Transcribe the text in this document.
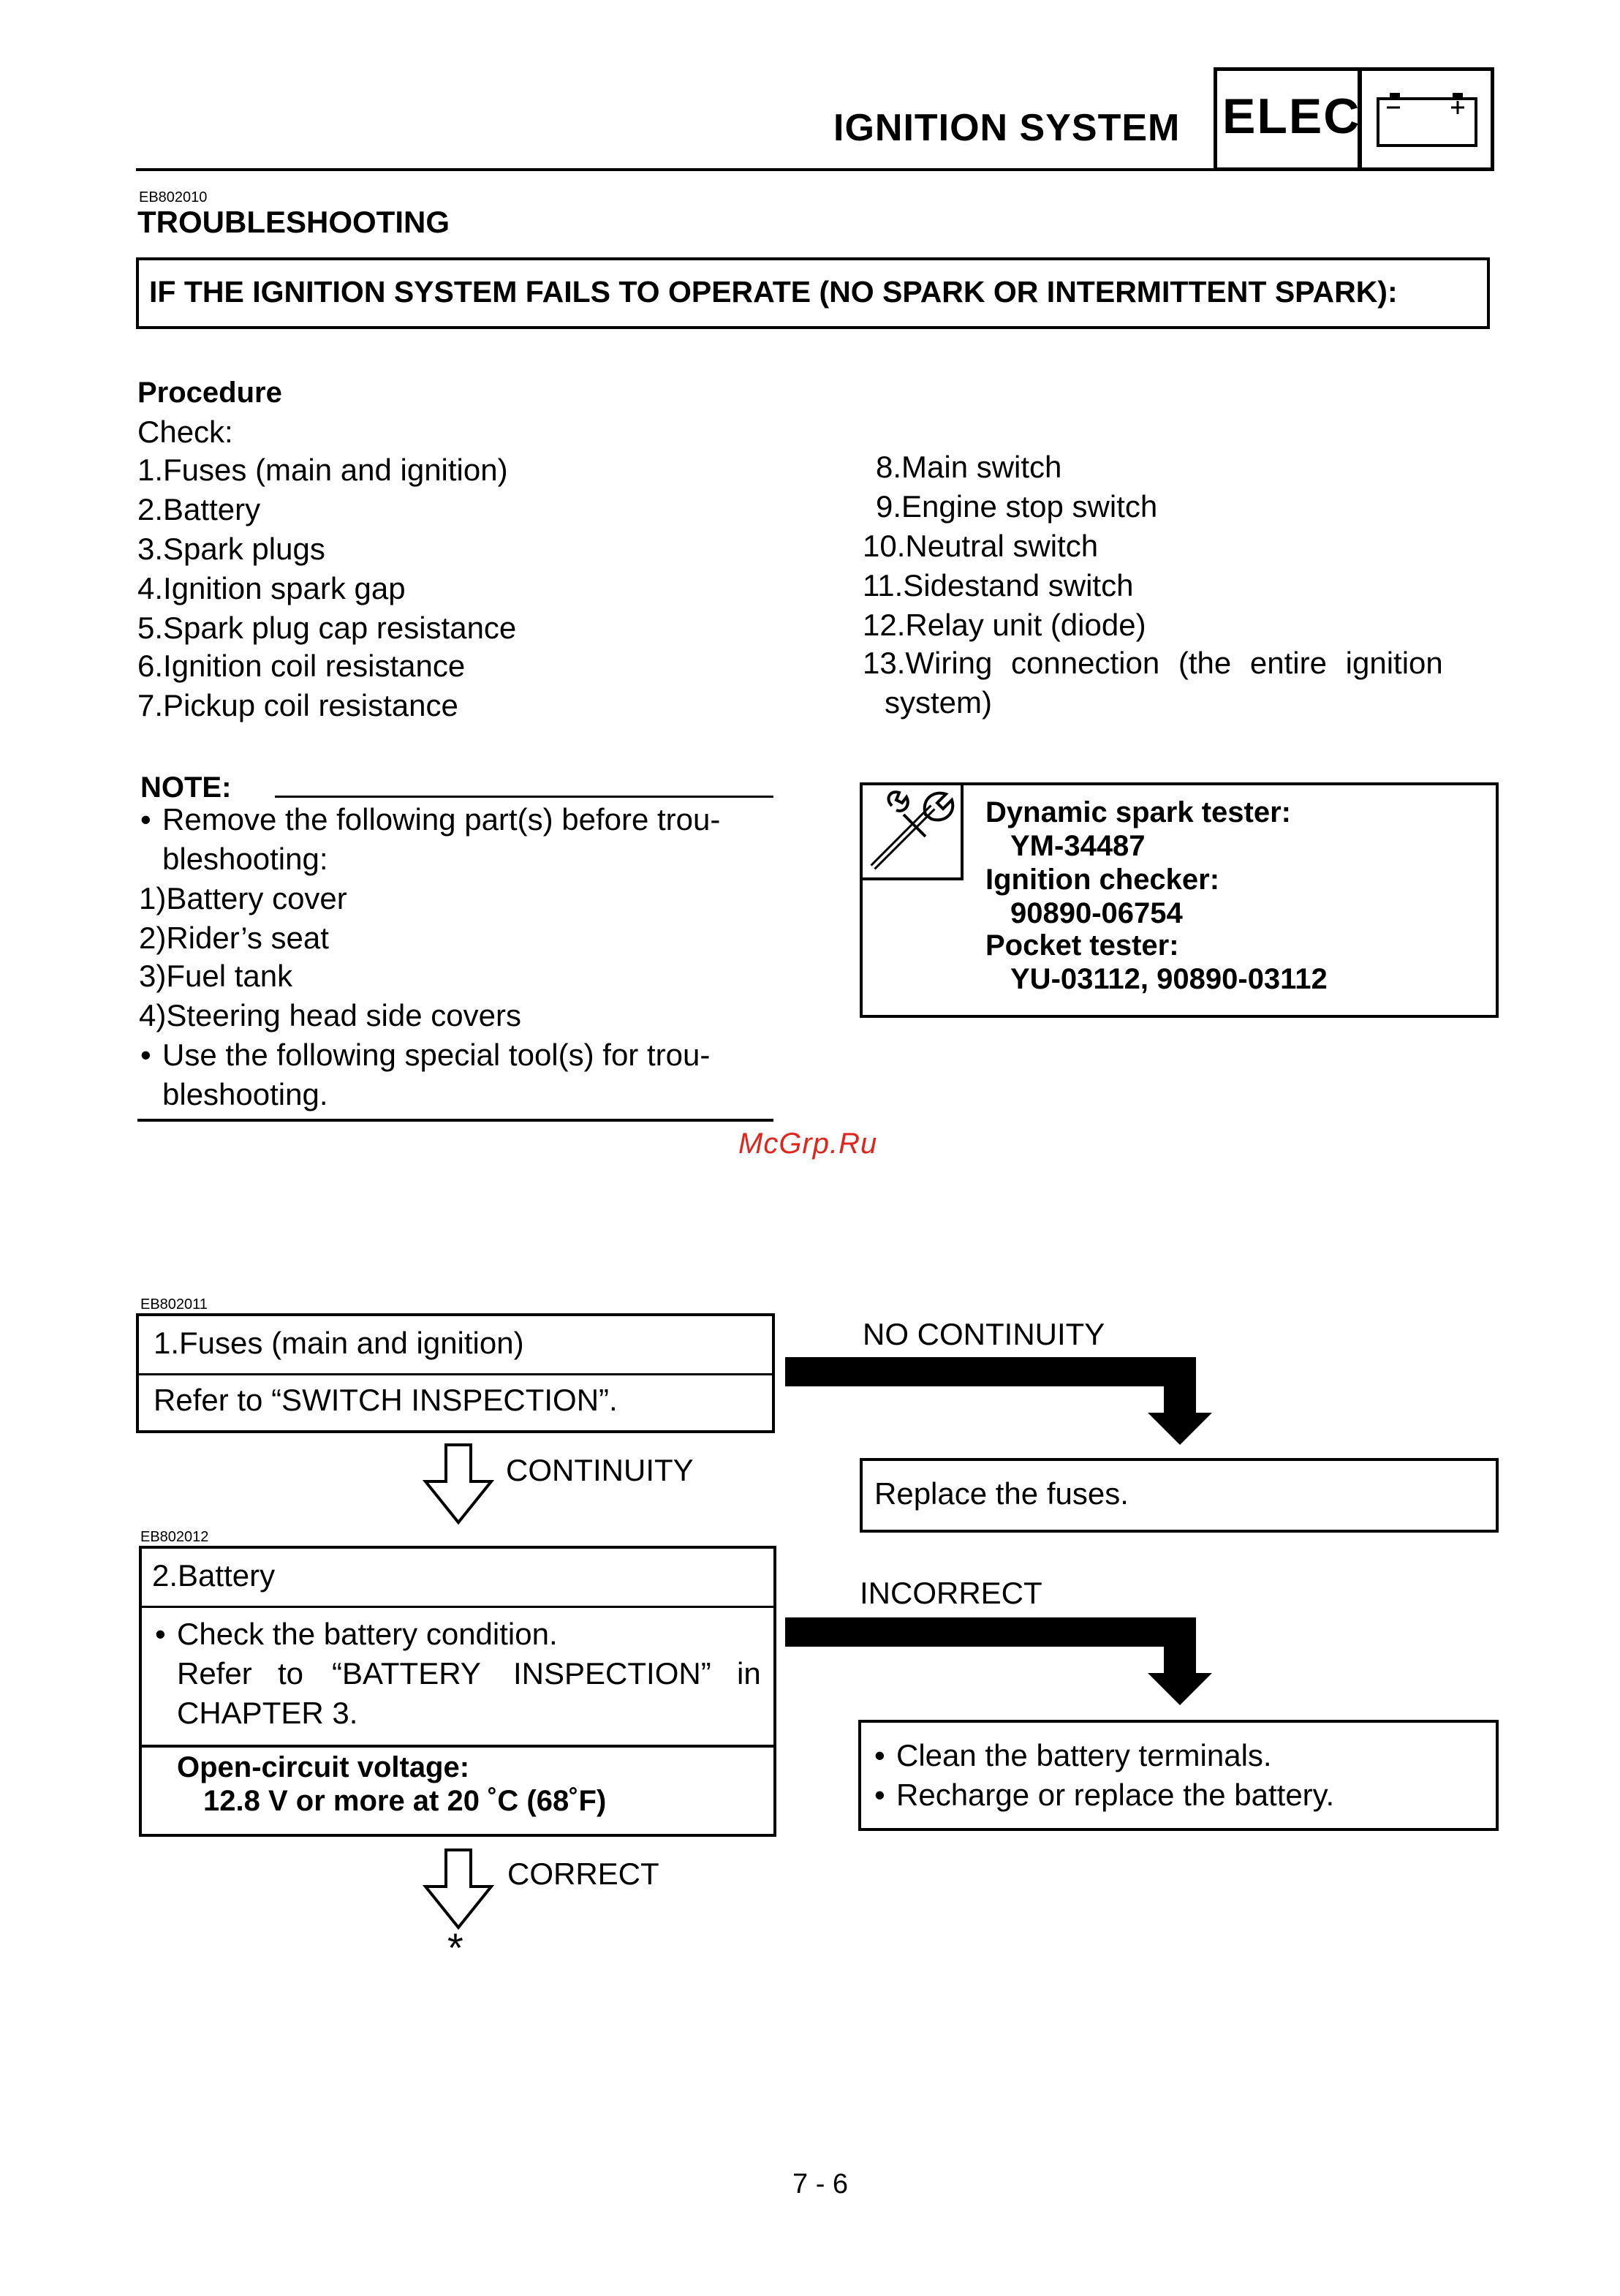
IGNITION SYSTEM ELEC
EB802010
TROUBLESHOOTING
IF THE IGNITION SYSTEM FAILS TO OPERATE (NO SPARK OR INTERMITTENT SPARK):
Procedure
Check:
1.Fuses (main and ignition)
2.Battery
3.Spark plugs
4.Ignition spark gap
5.Spark plug cap resistance
6.Ignition coil resistance
7.Pickup coil resistance
8.Main switch
9.Engine stop switch
10.Neutral switch
11.Sidestand switch
12.Relay unit (diode)
13.Wiring connection (the entire ignition
system)
NOTE:
• Remove the following part(s) before trou-
bleshooting:
1)Battery cover
2)Rider’s seat
3)Fuel tank
4)Steering head side covers
• Use the following special tool(s) for trou-
bleshooting.
Dynamic spark tester:
YM-34487
Ignition checker:
90890-06754
Pocket tester:
YU-03112, 90890-03112
McGrp.Ru
EB802011
1.Fuses (main and ignition)
Refer to “SWITCH INSPECTION”.
NO CONTINUITY
CONTINUITY
Replace the fuses.
EB802012
2.Battery
• Check the battery condition.
Refer to “BATTERY INSPECTION” in
CHAPTER 3.
Open-circuit voltage:
12.8 V or more at 20 ˚C (68˚F)
INCORRECT
• Clean the battery terminals.
• Recharge or replace the battery.
CORRECT
*
7 - 6
